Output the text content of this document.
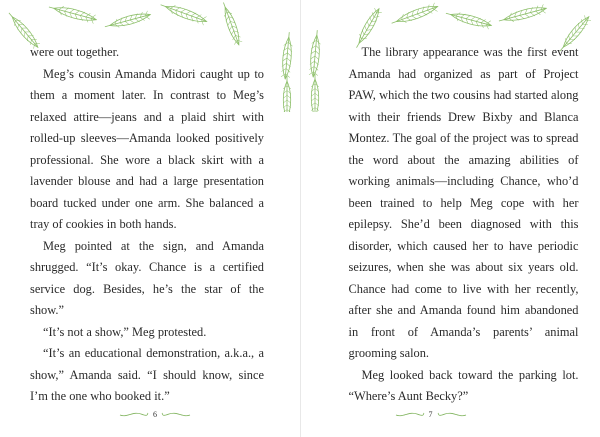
were out together.

Meg’s cousin Amanda Midori caught up to them a moment later. In contrast to Meg’s relaxed attire—jeans and a plaid shirt with rolled-up sleeves—Amanda looked positively professional. She wore a black skirt with a lavender blouse and had a large presentation board tucked under one arm. She balanced a tray of cookies in both hands.

Meg pointed at the sign, and Amanda shrugged. “It’s okay. Chance is a certified service dog. Besides, he’s the star of the show.”

“It’s not a show,” Meg protested.

“It’s an educational demonstration, a.k.a., a show,” Amanda said. “I should know, since I’m the one who booked it.”

6

The library appearance was the first event Amanda had organized as part of Project PAW, which the two cousins had started along with their friends Drew Bixby and Blanca Montez. The goal of the project was to spread the word about the amazing abilities of working animals—including Chance, who’d been trained to help Meg cope with her epilepsy. She’d been diagnosed with this disorder, which caused her to have periodic seizures, when she was about six years old. Chance had come to live with her recently, after she and Amanda found him abandoned in front of Amanda’s parents’ animal grooming salon.

Meg looked back toward the parking lot. “Where’s Aunt Becky?”

7
